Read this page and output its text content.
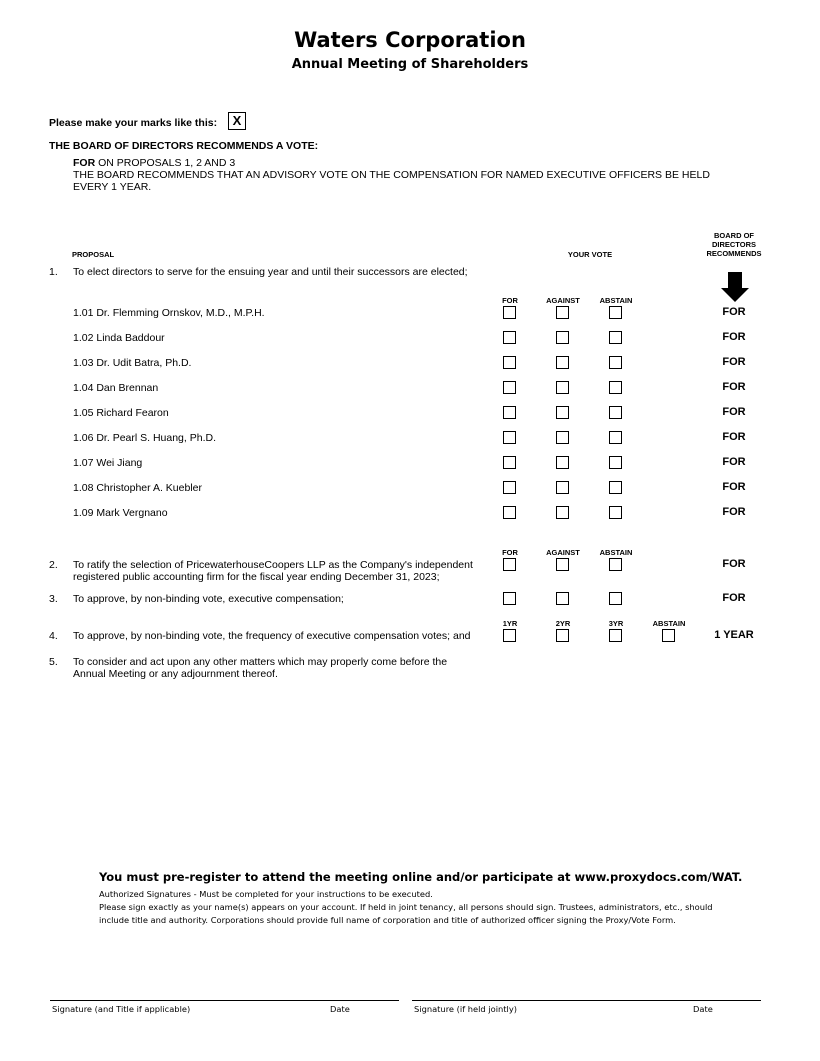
Waters Corporation
Annual Meeting of Shareholders
Please make your marks like this:	X
THE BOARD OF DIRECTORS RECOMMENDS A VOTE:
FOR ON PROPOSALS 1, 2 AND 3
THE BOARD RECOMMENDS THAT AN ADVISORY VOTE ON THE COMPENSATION FOR NAMED EXECUTIVE OFFICERS BE HELD EVERY 1 YEAR.
PROPOSAL	YOUR VOTE
BOARD OF DIRECTORS RECOMMENDS
1. To elect directors to serve for the ensuing year and until their successors are elected;
FOR	AGAINST	ABSTAIN
1.01 Dr. Flemming Ornskov, M.D., M.P.H.	FOR
1.02 Linda Baddour	FOR
1.03 Dr. Udit Batra, Ph.D.	FOR
1.04 Dan Brennan	FOR
1.05 Richard Fearon	FOR
1.06 Dr. Pearl S. Huang, Ph.D.	FOR
1.07 Wei Jiang	FOR
1.08 Christopher A. Kuebler	FOR
1.09 Mark Vergnano	FOR
FOR	AGAINST	ABSTAIN
2. To ratify the selection of PricewaterhouseCoopers LLP as the Company's independent registered public accounting firm for the fiscal year ending December 31, 2023;
FOR
3. To approve, by non-binding vote, executive compensation;	FOR
1YR	2YR	3YR	ABSTAIN
4. To approve, by non-binding vote, the frequency of executive compensation votes; and	1 YEAR
5. To consider and act upon any other matters which may properly come before the Annual Meeting or any adjournment thereof.
You must pre-register to attend the meeting online and/or participate at www.proxydocs.com/WAT.
Authorized Signatures - Must be completed for your instructions to be executed.
Please sign exactly as your name(s) appears on your account. If held in joint tenancy, all persons should sign. Trustees, administrators, etc., should include title and authority. Corporations should provide full name of corporation and title of authorized officer signing the Proxy/Vote Form.
Signature (and Title if applicable)	Date	Signature (if held jointly)	Date
